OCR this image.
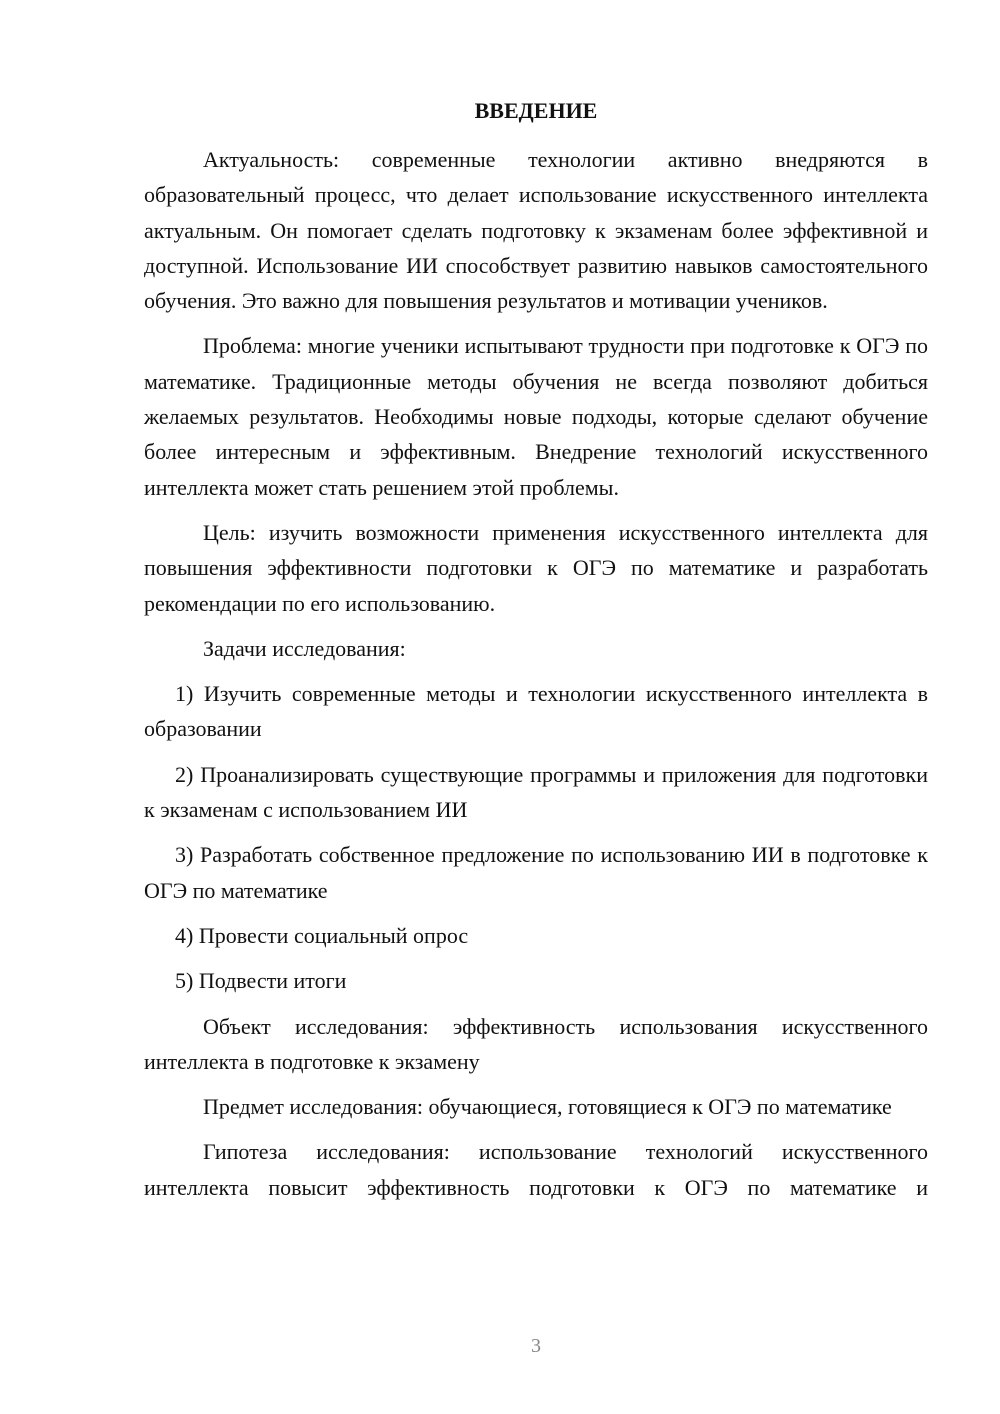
ВВЕДЕНИЕ

Актуальность: современные технологии активно внедряются в образовательный процесс, что делает использование искусственного интеллекта актуальным. Он помогает сделать подготовку к экзаменам более эффективной и доступной. Использование ИИ способствует развитию навыков самостоятельного обучения. Это важно для повышения результатов и мотивации учеников.

Проблема: многие ученики испытывают трудности при подготовке к ОГЭ по математике. Традиционные методы обучения не всегда позволяют добиться желаемых результатов. Необходимы новые подходы, которые сделают обучение более интересным и эффективным. Внедрение технологий искусственного интеллекта может стать решением этой проблемы.

Цель: изучить возможности применения искусственного интеллекта для повышения эффективности подготовки к ОГЭ по математике и разработать рекомендации по его использованию.

Задачи исследования:

1) Изучить современные методы и технологии искусственного интеллекта в образовании

2) Проанализировать существующие программы и приложения для подготовки к экзаменам с использованием ИИ

3) Разработать собственное предложение по использованию ИИ в подготовке к ОГЭ по математике

4) Провести социальный опрос

5) Подвести итоги

Объект исследования: эффективность использования искусственного интеллекта в подготовке к экзамену

Предмет исследования: обучающиеся, готовящиеся к ОГЭ по математике

Гипотеза исследования: использование технологий искусственного интеллекта повысит эффективность подготовки к ОГЭ по математике и

3
